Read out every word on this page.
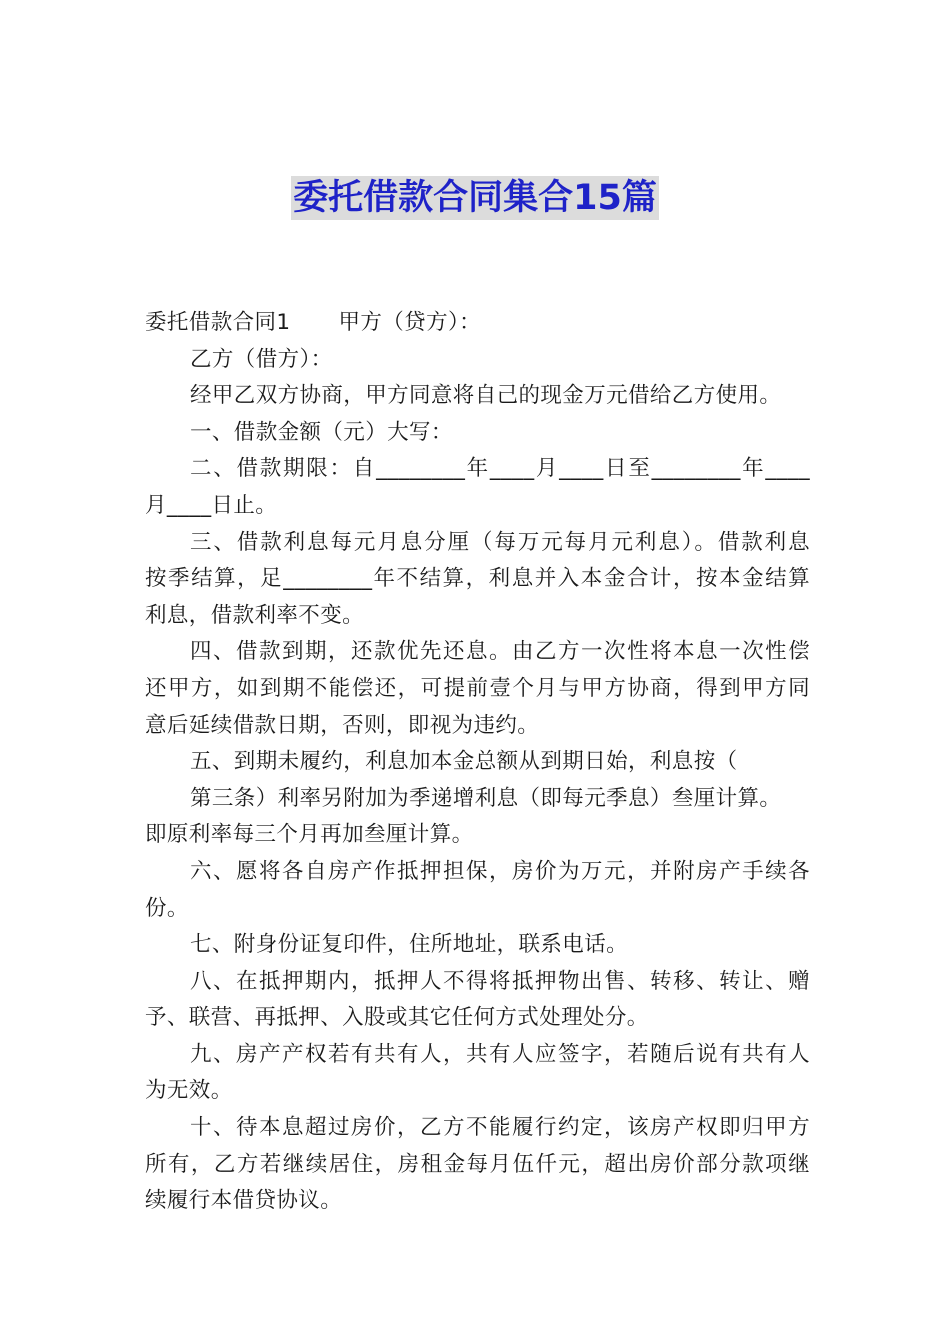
委托借款合同集合15篇
委托借款合同1 甲方（贷方）：
乙方（借方）：
经甲乙双方协商，甲方同意将自己的现金万元借给乙方使用。
一、借款金额（元）大写：
二、借款期限：自________年____月____日至________年____
月____日止。
三、借款利息每元月息分厘（每万元每月元利息）。借款利息
按季结算，足________年不结算，利息并入本金合计，按本金结算
利息，借款利率不变。
四、借款到期，还款优先还息。由乙方一次性将本息一次性偿
还甲方，如到期不能偿还，可提前壹个月与甲方协商，得到甲方同
意后延续借款日期，否则，即视为违约。
五、到期未履约，利息加本金总额从到期日始，利息按（
第三条）利率另附加为季递增利息（即每元季息）叁厘计算。
即原利率每三个月再加叁厘计算。
六、愿将各自房产作抵押担保，房价为万元，并附房产手续各
份。
七、附身份证复印件，住所地址，联系电话。
八、在抵押期内，抵押人不得将抵押物出售、转移、转让、赠
予、联营、再抵押、入股或其它任何方式处理处分。
九、房产产权若有共有人，共有人应签字，若随后说有共有人
为无效。
十、待本息超过房价，乙方不能履行约定，该房产权即归甲方
所有，乙方若继续居住，房租金每月伍仟元，超出房价部分款项继
续履行本借贷协议。
